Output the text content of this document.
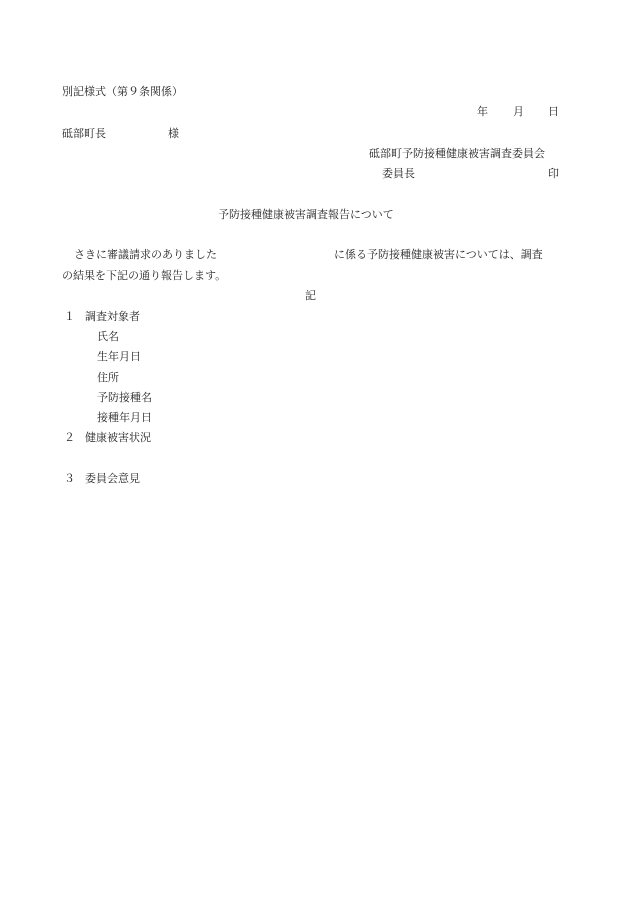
別記様式（第９条関係）
年 月 日
砥部町長	様
砥部町予防接種健康被害調査委員会
委員長	印
予防接種健康被害調査報告について
さきに審議請求のありました	に係る予防接種健康被害については、調査
の結果を下記の通り報告します。
記
１ 調査対象者
氏名
生年月日
住所
予防接種名
接種年月日
２ 健康被害状況
３ 委員会意見
